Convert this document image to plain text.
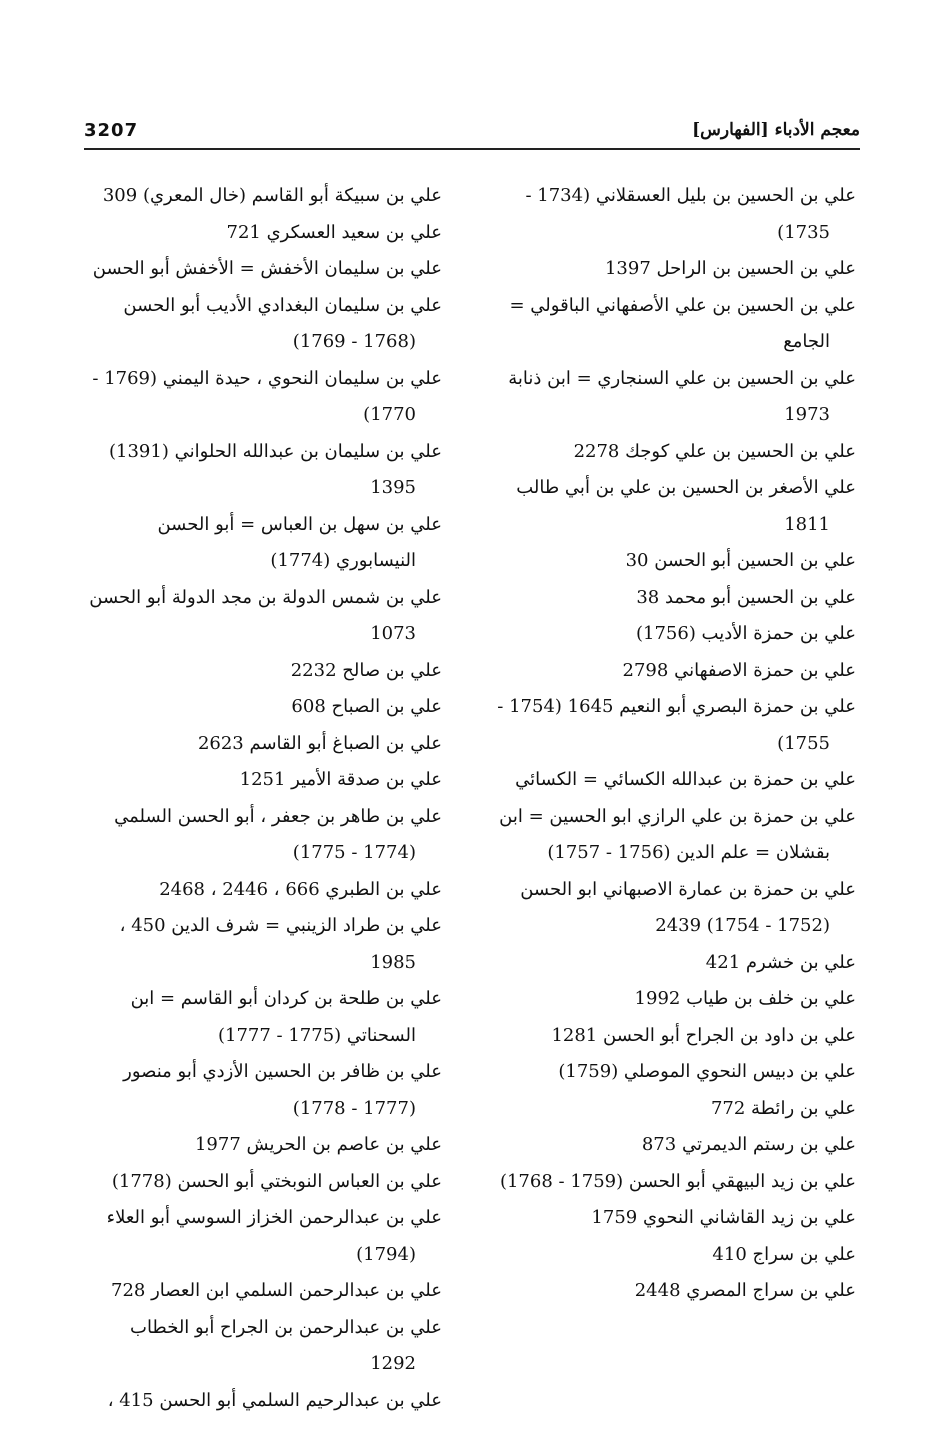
معجم الأدباء [الفهارس]
3207
علي بن الحسين بن بليل العسقلاني (1734 - 1735)
علي بن الحسين بن الراحل 1397
علي بن الحسين بن علي الأصفهاني الباقولي = الجامع
علي بن الحسين بن علي السنجاري = ابن ذنابة 1973
علي بن الحسين بن علي كوجك 2278
علي الأصغر بن الحسين بن علي بن أبي طالب 1811
علي بن الحسين أبو الحسن 30
علي بن الحسين أبو محمد 38
علي بن حمزة الأديب (1756)
علي بن حمزة الاصفهاني 2798
علي بن حمزة البصري أبو النعيم 1645 (1754 - 1755)
علي بن حمزة بن عبدالله الكسائي = الكسائي
علي بن حمزة بن علي الرازي ابو الحسين = ابن بقشلان = علم الدين (1756 - 1757)
علي بن حمزة بن عمارة الاصبهاني ابو الحسن (1752 - 1754) 2439
علي بن خشرم 421
علي بن خلف بن طياب 1992
علي بن داود بن الجراح أبو الحسن 1281
علي بن دبيس النحوي الموصلي (1759)
علي بن رائطة 772
علي بن رستم الديمرتي 873
علي بن زيد البيهقي أبو الحسن (1759 - 1768)
علي بن زيد القاشاني النحوي 1759
علي بن سراج 410
علي بن سراج المصري 2448
علي بن سبيكة أبو القاسم (خال المعري) 309
علي بن سعيد العسكري 721
علي بن سليمان الأخفش = الأخفش أبو الحسن
علي بن سليمان البغدادي الأديب أبو الحسن (1768 - 1769)
علي بن سليمان النحوي ، حيدة اليمني (1769 - 1770)
علي بن سليمان بن عبدالله الحلواني (1391) 1395
علي بن سهل بن العباس = أبو الحسن النيسابوري (1774)
علي بن شمس الدولة بن مجد الدولة أبو الحسن 1073
علي بن صالح 2232
علي بن الصباح 608
علي بن الصباغ أبو القاسم 2623
علي بن صدقة الأمير 1251
علي بن طاهر بن جعفر ، أبو الحسن السلمي (1774 - 1775)
علي بن الطبري 666 ، 2446 ، 2468
علي بن طراد الزينبي = شرف الدين 450 ، 1985
علي بن طلحة بن كردان أبو القاسم = ابن السحناتي (1775 - 1777)
علي بن ظافر بن الحسين الأزدي أبو منصور (1777 - 1778)
علي بن عاصم بن الحريش 1977
علي بن العباس النوبختي أبو الحسن (1778)
علي بن عبدالرحمن الخزاز السوسي أبو العلاء (1794)
علي بن عبدالرحمن السلمي ابن العصار 728
علي بن عبدالرحمن بن الجراح أبو الخطاب 1292
علي بن عبدالرحيم السلمي أبو الحسن 415 ،
